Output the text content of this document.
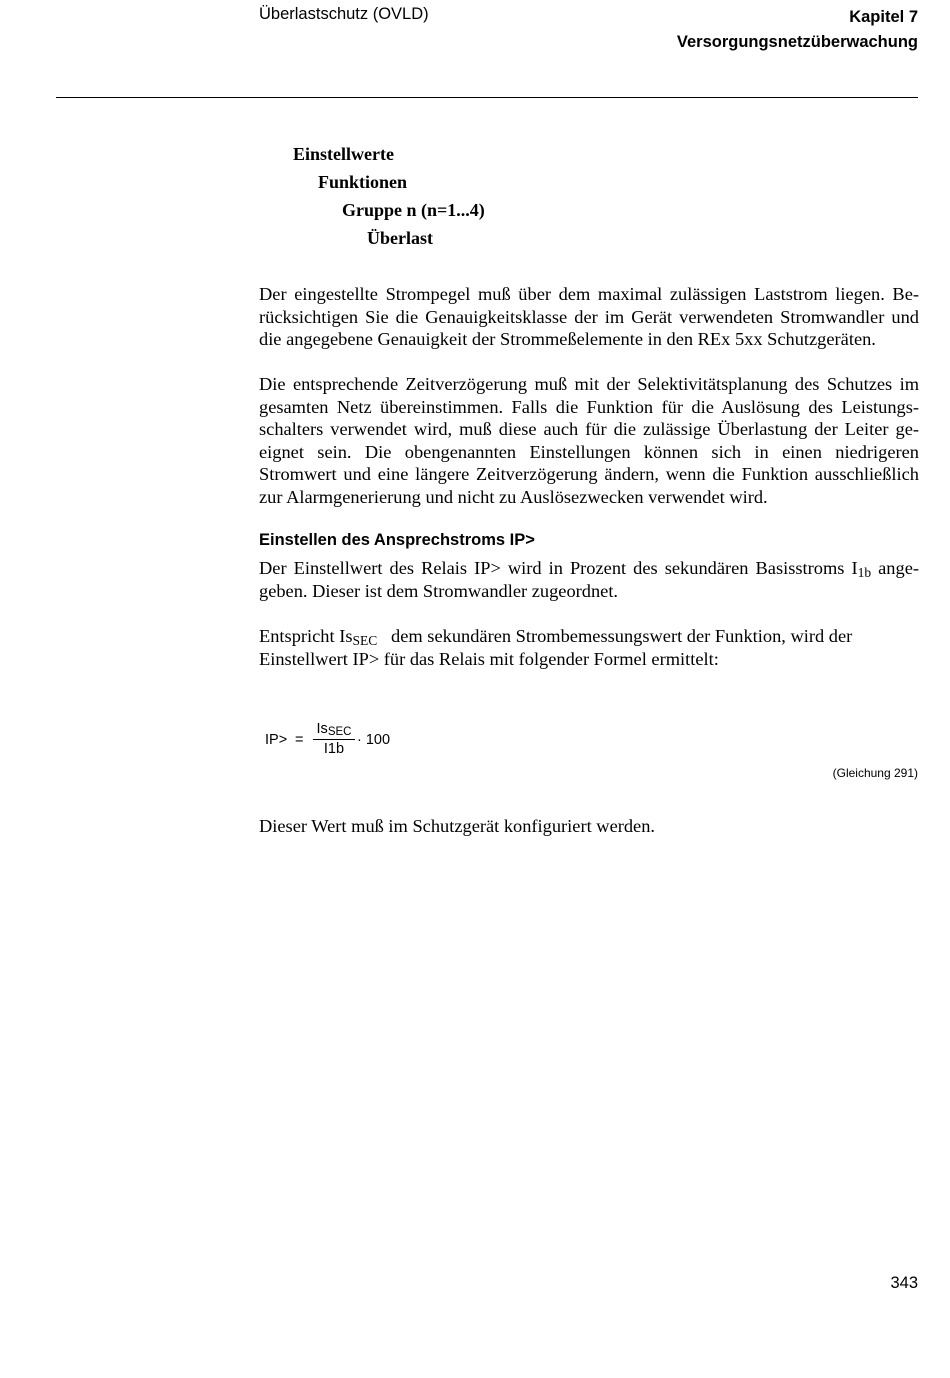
Überlastschutz (OVLD)	Kapitel 7
Versorgungsnetzüberwachung
Einstellwerte
Funktionen
Gruppe n (n=1...4)
Überlast
Der eingestellte Strompegel muß über dem maximal zulässigen Laststrom liegen. Be-
rücksichtigen Sie die Genauigkeitsklasse der im Gerät verwendeten Stromwandler und
die angegebene Genauigkeit der Strommeßelemente in den REx 5xx Schutzgeräten.
Die entsprechende Zeitverzögerung muß mit der Selektivitätsplanung des Schutzes im
gesamten Netz übereinstimmen. Falls die Funktion für die Auslösung des Leistungs-
schalters verwendet wird, muß diese auch für die zulässige Überlastung der Leiter ge-
eignet sein. Die obengenannten Einstellungen können sich in einen niedrigeren
Stromwert und eine längere Zeitverzögerung ändern, wenn die Funktion ausschließlich
zur Alarmgenerierung und nicht zu Auslösezwecken verwendet wird.
Einstellen des Ansprechstroms IP>
Der Einstellwert des Relais IP> wird in Prozent des sekundären Basisstroms $I_{1b}$ ange-
geben. Dieser ist dem Stromwandler zugeordnet.
Entspricht $Is_{SEC}$ dem sekundären Strombemessungswert der Funktion, wird der
Einstellwert IP> für das Relais mit folgender Formel ermittelt:
IP> =
$Is_{SEC}$
I1b
· 100
(Gleichung 291)
Dieser Wert muß im Schutzgerät konfiguriert werden.
343
